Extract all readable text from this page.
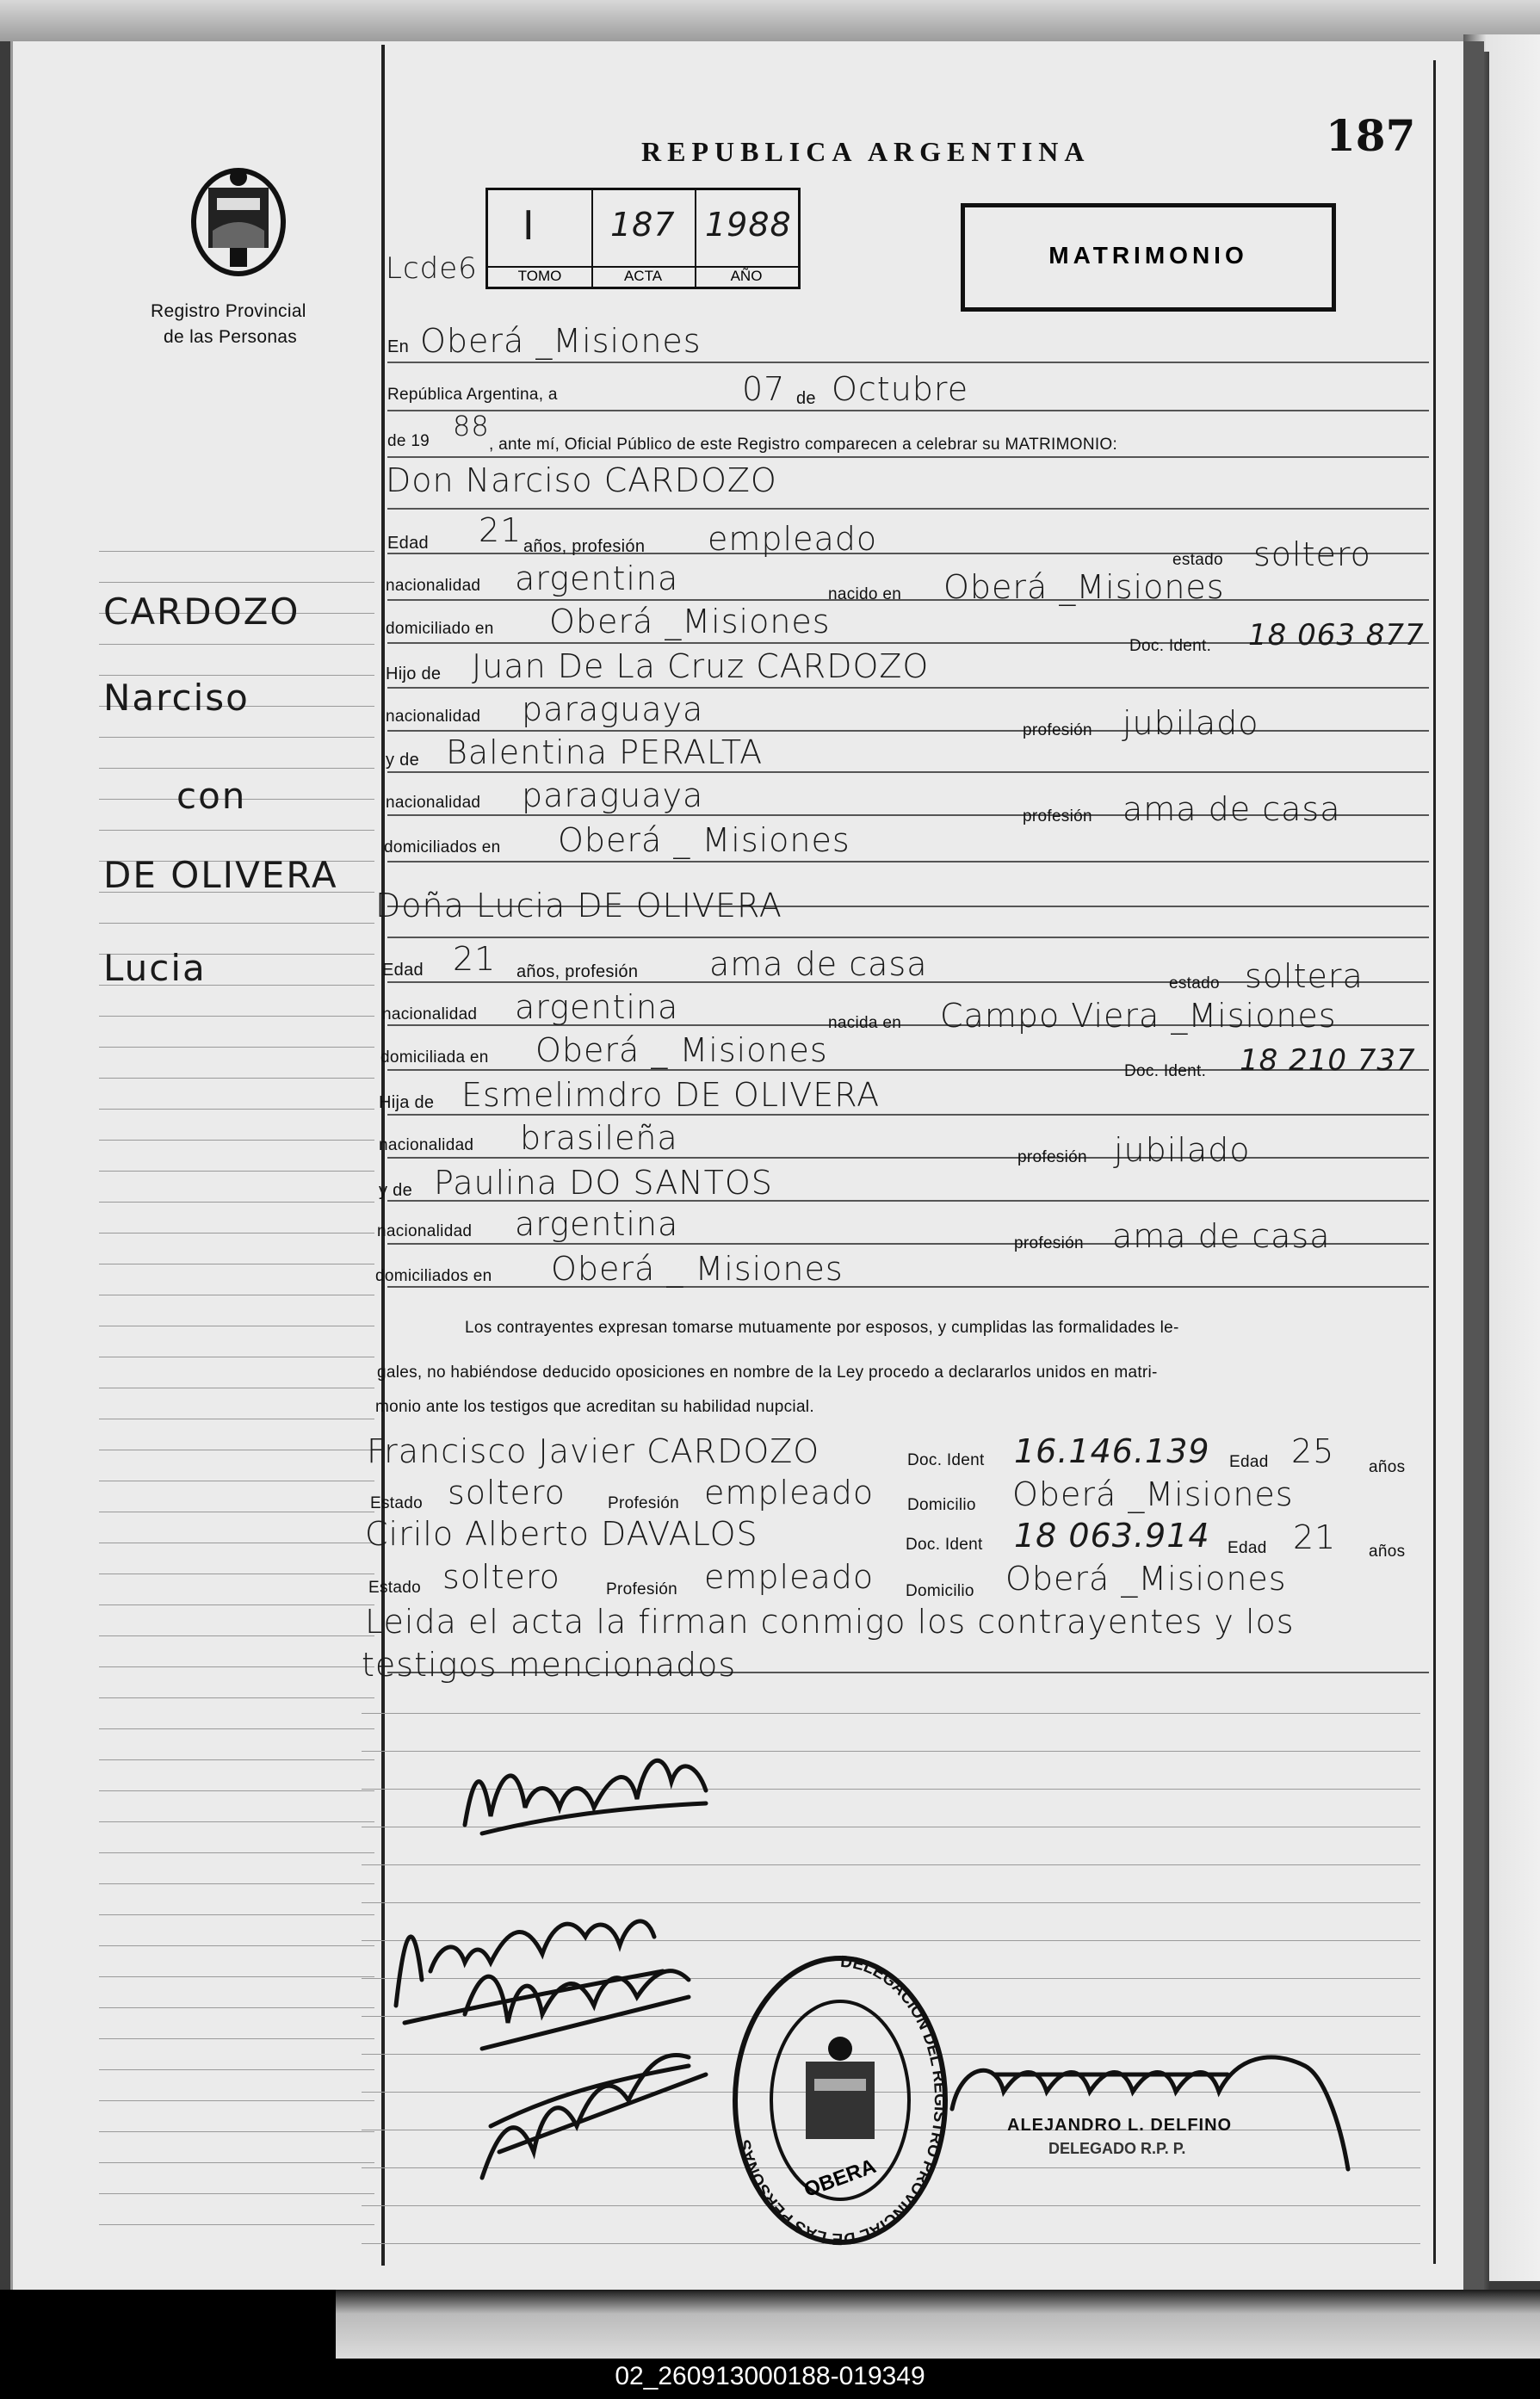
187
Registro Provincial
de las Personas
REPUBLICA ARGENTINA
I
TOMO
187
ACTA
1988
AÑO
Lcde6	MATRIMONIO
CARDOZO
Narciso
con
DE OLIVERA
Lucia
En Oberá _Misiones
República Argentina, a	07 de Octubre
de 19 88
, ante mí, Oficial Público de este Registro comparecen a celebrar su MATRIMONIO:
Don Narciso CARDOZO
Edad 21 años, profesión empleado
estado soltero
nacionalidad argentina	nacido en Oberá _Misiones
domiciliado en Oberá _Misiones
Doc. Ident. 18 063 877
Hijo de Juan De La Cruz CARDOZO
nacionalidad paraguaya
profesión jubilado
y de Balentina PERALTA
nacionalidad paraguaya
profesión ama de casa
domiciliados en Oberá _ Misiones
Doña Lucia DE OLIVERA
Edad 21 años, profesión ama de casa
estado soltera
nacionalidad argentina	nacida en Campo Viera _Misiones
domiciliada en Oberá _ Misiones
Doc. Ident. 18 210 737
Hija de Esmelimdro DE OLIVERA
nacionalidad brasileña
profesión jubilado
y de Paulina DO SANTOS
nacionalidad argentina
profesión ama de casa
domiciliados en Oberá _ Misiones
Los contrayentes expresan tomarse mutuamente por esposos, y cumplidas las formalidades le-
gales, no habiéndose deducido oposiciones en nombre de la Ley procedo a declararlos unidos en matri-
monio ante los testigos que acreditan su habilidad nupcial.
Francisco Javier CARDOZO	Doc. Ident 16.146.139 Edad 25 años
Estado soltero	Profesión empleado Domicilio Oberá _Misiones
Cirilo Alberto DAVALOS	Doc. Ident 18 063.914 Edad 21 años
Estado soltero	Profesión empleado Domicilio Oberá _Misiones
Leida el acta la firman conmigo los contrayentes y los
testigos mencionados
DELEGACION DEL REGISTRO PROVINCIAL DE LAS PERSONAS
OBERA
ALEJANDRO L. DELFINO
DELEGADO R.P. P.
02_260913000188-019349
